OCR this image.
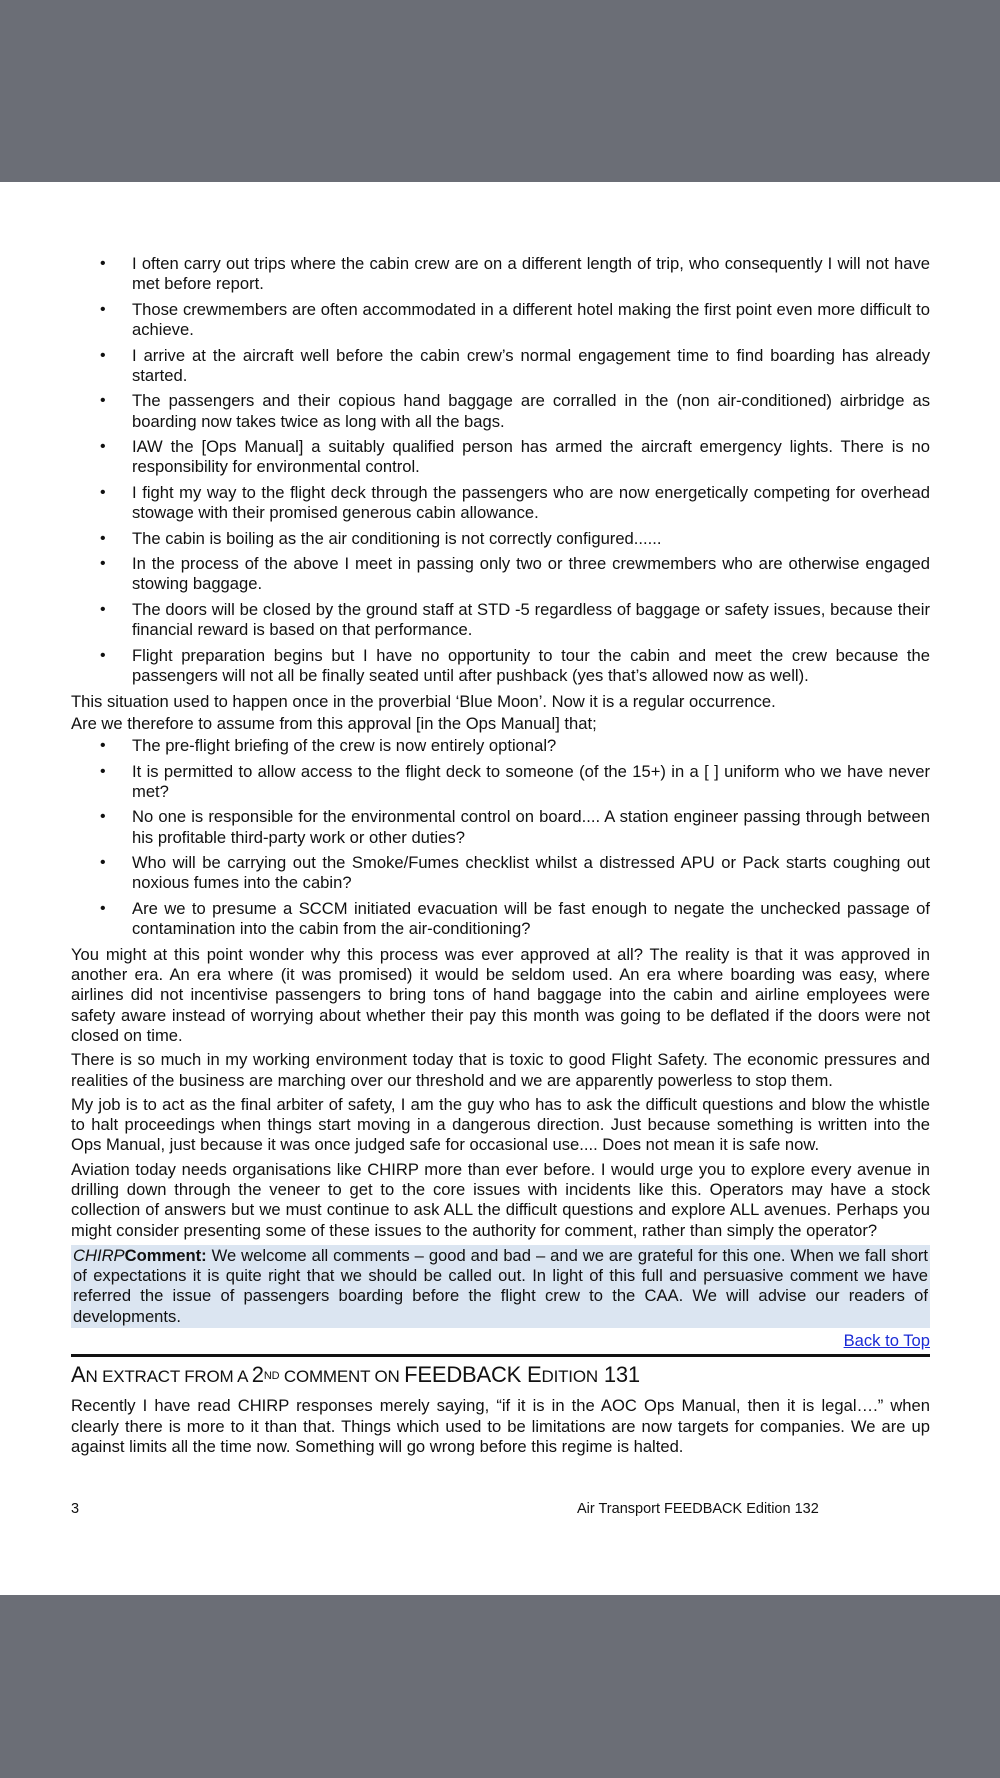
• I often carry out trips where the cabin crew are on a different length of trip, who consequently I will not have met before report.
• Those crewmembers are often accommodated in a different hotel making the first point even more difficult to achieve.
• I arrive at the aircraft well before the cabin crew’s normal engagement time to find boarding has already started.
• The passengers and their copious hand baggage are corralled in the (non air-conditioned) airbridge as boarding now takes twice as long with all the bags.
• IAW the [Ops Manual] a suitably qualified person has armed the aircraft emergency lights. There is no responsibility for environmental control.
• I fight my way to the flight deck through the passengers who are now energetically competing for overhead stowage with their promised generous cabin allowance.
• The cabin is boiling as the air conditioning is not correctly configured......
• In the process of the above I meet in passing only two or three crewmembers who are otherwise engaged stowing baggage.
• The doors will be closed by the ground staff at STD -5 regardless of baggage or safety issues, because their financial reward is based on that performance.
• Flight preparation begins but I have no opportunity to tour the cabin and meet the crew because the passengers will not all be finally seated until after pushback (yes that’s allowed now as well).

This situation used to happen once in the proverbial ‘Blue Moon’. Now it is a regular occurrence.

Are we therefore to assume from this approval [in the Ops Manual] that;

• The pre-flight briefing of the crew is now entirely optional?
• It is permitted to allow access to the flight deck to someone (of the 15+) in a [ ] uniform who we have never met?
• No one is responsible for the environmental control on board.... A station engineer passing through between his profitable third-party work or other duties?
• Who will be carrying out the Smoke/Fumes checklist whilst a distressed APU or Pack starts coughing out noxious fumes into the cabin?
• Are we to presume a SCCM initiated evacuation will be fast enough to negate the unchecked passage of contamination into the cabin from the air-conditioning?

You might at this point wonder why this process was ever approved at all? The reality is that it was approved in another era. An era where (it was promised) it would be seldom used. An era where boarding was easy, where airlines did not incentivise passengers to bring tons of hand baggage into the cabin and airline employees were safety aware instead of worrying about whether their pay this month was going to be deflated if the doors were not closed on time.

There is so much in my working environment today that is toxic to good Flight Safety. The economic pressures and realities of the business are marching over our threshold and we are apparently powerless to stop them.

My job is to act as the final arbiter of safety, I am the guy who has to ask the difficult questions and blow the whistle to halt proceedings when things start moving in a dangerous direction. Just because something is written into the Ops Manual, just because it was once judged safe for occasional use.... Does not mean it is safe now.

Aviation today needs organisations like CHIRP more than ever before. I would urge you to explore every avenue in drilling down through the veneer to get to the core issues with incidents like this. Operators may have a stock collection of answers but we must continue to ask ALL the difficult questions and explore ALL avenues. Perhaps you might consider presenting some of these issues to the authority for comment, rather than simply the operator?

CHIRPComment: We welcome all comments – good and bad – and we are grateful for this one. When we fall short of expectations it is quite right that we should be called out. In light of this full and persuasive comment we have referred the issue of passengers boarding before the flight crew to the CAA. We will advise our readers of developments.
Back to Top
AN EXTRACT FROM A 2ND COMMENT ON FEEDBACK EDITION 131

Recently I have read CHIRP responses merely saying, “if it is in the AOC Ops Manual, then it is legal….” when clearly there is more to it than that. Things which used to be limitations are now targets for companies. We are up against limits all the time now. Something will go wrong before this regime is halted.

3	Air Transport FEEDBACK Edition 132
